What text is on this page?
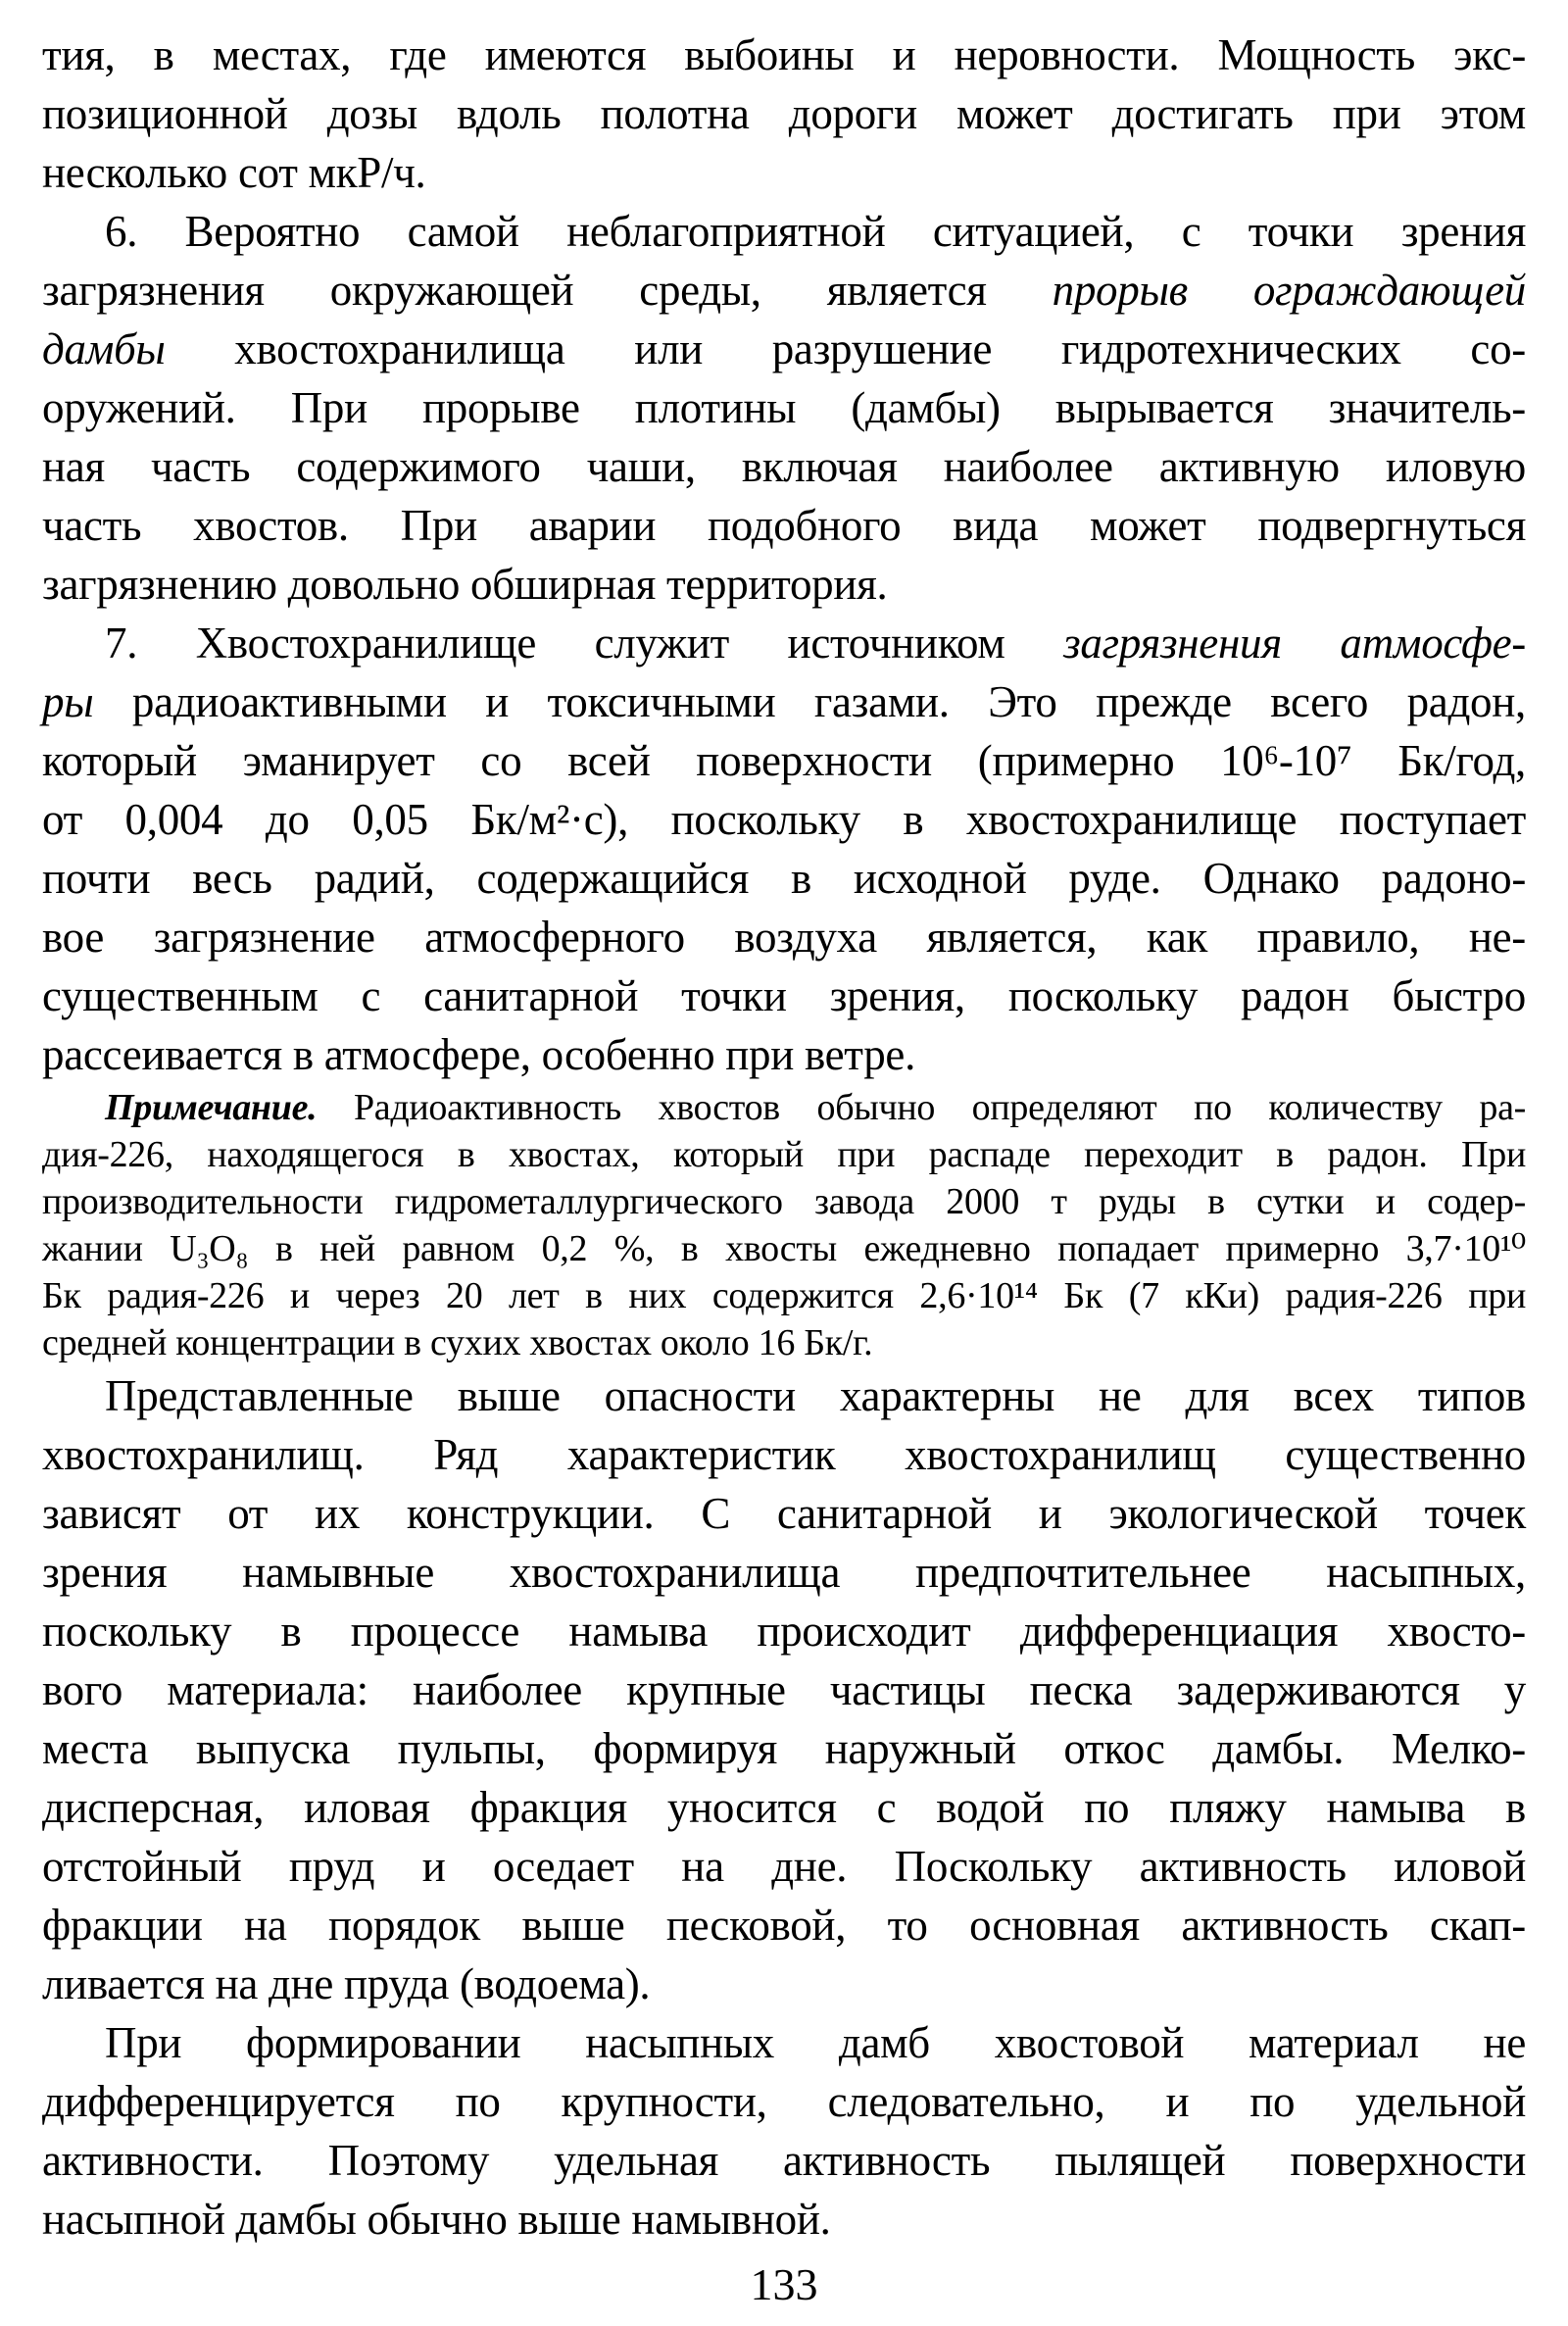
тия, в местах, где имеются выбоины и неровности. Мощность экс-
позиционной дозы вдоль полотна дороги может достигать при этом
несколько сот мкР/ч.
6. Вероятно самой неблагоприятной ситуацией, с точки зрения
загрязнения окружающей среды, является прорыв ограждающей
дамбы хвостохранилища или разрушение гидротехнических со-
оружений. При прорыве плотины (дамбы) вырывается значитель-
ная часть содержимого чаши, включая наиболее активную иловую
часть хвостов. При аварии подобного вида может подвергнуться
загрязнению довольно обширная территория.
7. Хвостохранилище служит источником загрязнения атмосфе-
ры радиоактивными и токсичными газами. Это прежде всего радон,
который эманирует со всей поверхности (примерно 10⁶-10⁷ Бк/год,
от 0,004 до 0,05 Бк/м²·с), поскольку в хвостохранилище поступает
почти весь радий, содержащийся в исходной руде. Однако радоно-
вое загрязнение атмосферного воздуха является, как правило, не-
существенным с санитарной точки зрения, поскольку радон быстро
рассеивается в атмосфере, особенно при ветре.
Примечание. Радиоактивность хвостов обычно определяют по количеству ра-
дия-226, находящегося в хвостах, который при распаде переходит в радон. При
производительности гидрометаллургического завода 2000 т руды в сутки и содер-
жании U₃O₈ в ней равном 0,2 %, в хвосты ежедневно попадает примерно 3,7·10¹⁰
Бк радия-226 и через 20 лет в них содержится 2,6·10¹⁴ Бк (7 кКи) радия-226 при
средней концентрации в сухих хвостах около 16 Бк/г.
Представленные выше опасности характерны не для всех типов
хвостохранилищ. Ряд характеристик хвостохранилищ существенно
зависят от их конструкции. С санитарной и экологической точек
зрения намывные хвостохранилища предпочтительнее насыпных,
поскольку в процессе намыва происходит дифференциация хвосто-
вого материала: наиболее крупные частицы песка задерживаются у
места выпуска пульпы, формируя наружный откос дамбы. Мелко-
дисперсная, иловая фракция уносится с водой по пляжу намыва в
отстойный пруд и оседает на дне. Поскольку активность иловой
фракции на порядок выше песковой, то основная активность скап-
ливается на дне пруда (водоема).
При формировании насыпных дамб хвостовой материал не
дифференцируется по крупности, следовательно, и по удельной
активности. Поэтому удельная активность пылящей поверхности
насыпной дамбы обычно выше намывной.
133
